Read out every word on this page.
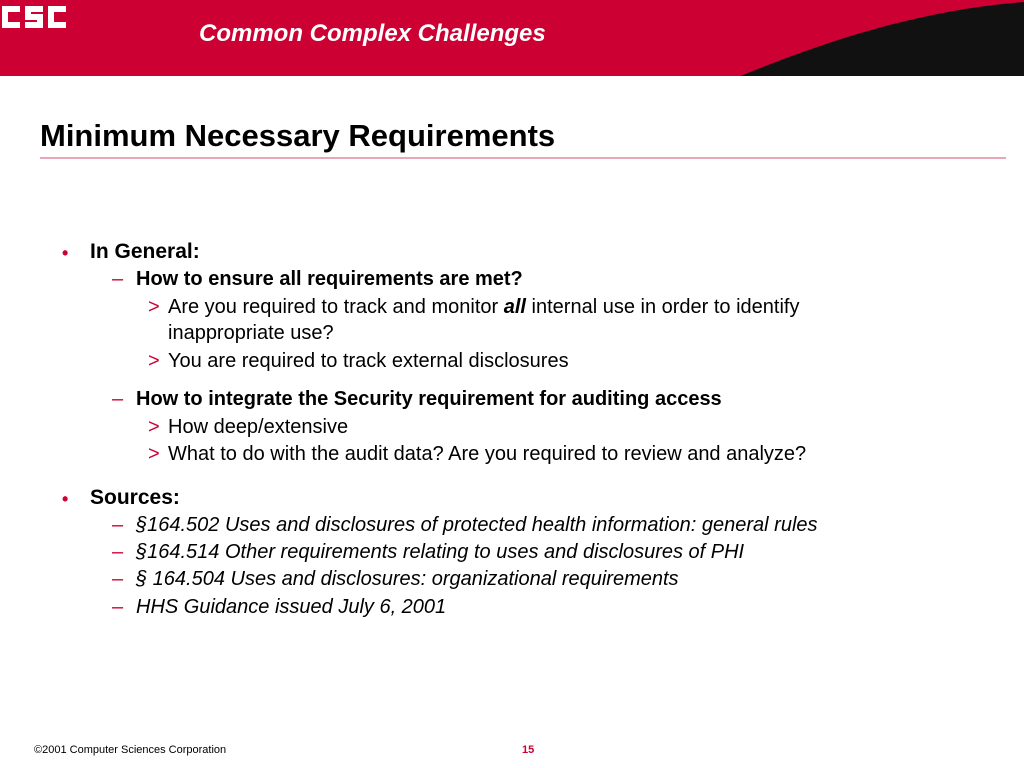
Common Complex Challenges
Minimum Necessary Requirements
• In General:
– How to ensure all requirements are met?
> Are you required to track and monitor all internal use in order to identify
inappropriate use?
> You are required to track external disclosures
– How to integrate the Security requirement for auditing access
> How deep/extensive
> What to do with the audit data? Are you required to review and analyze?
• Sources:
– §164.502 Uses and disclosures of protected health information: general rules
– §164.514 Other requirements relating to uses and disclosures of PHI
– § 164.504 Uses and disclosures: organizational requirements
– HHS Guidance issued July 6, 2001
©2001 Computer Sciences Corporation	15
